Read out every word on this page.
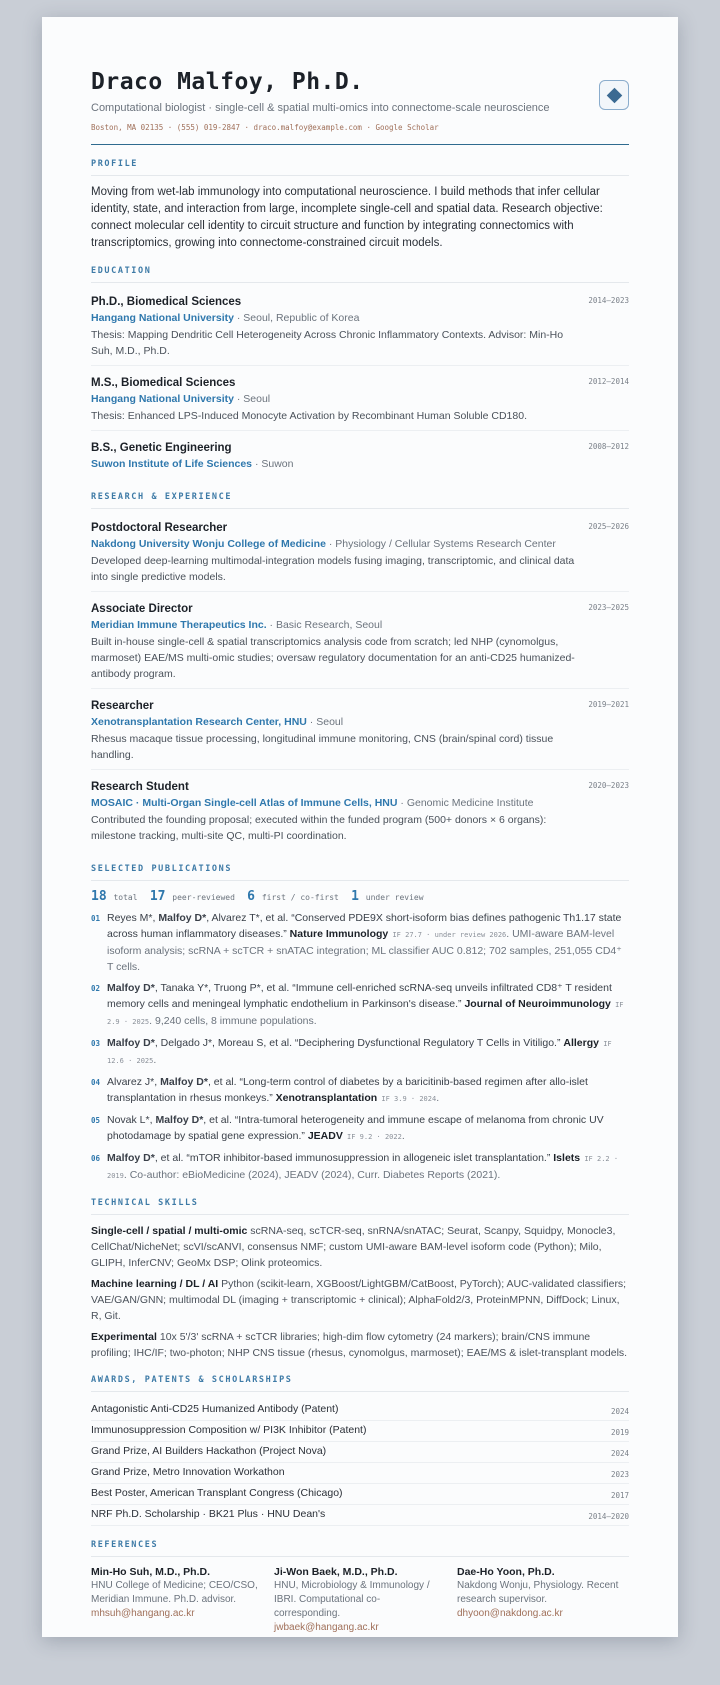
Draco Malfoy, Ph.D.
Computational biologist · single-cell & spatial multi-omics into connectome-scale neuroscience
Boston, MA 02135 · (555) 019-2847 · draco.malfoy@example.com · Google Scholar
PROFILE
Moving from wet-lab immunology into computational neuroscience. I build methods that infer cellular identity, state, and interaction from large, incomplete single-cell and spatial data. Research objective: connect molecular cell identity to circuit structure and function by integrating connectomics with transcriptomics, growing into connectome-constrained circuit models.
EDUCATION
Ph.D., Biomedical Sciences	2014–2023
Hangang National University · Seoul, Republic of Korea
Thesis: Mapping Dendritic Cell Heterogeneity Across Chronic Inflammatory Contexts. Advisor: Min-Ho Suh, M.D., Ph.D.
M.S., Biomedical Sciences	2012–2014
Hangang National University · Seoul
Thesis: Enhanced LPS-Induced Monocyte Activation by Recombinant Human Soluble CD180.
B.S., Genetic Engineering	2008–2012
Suwon Institute of Life Sciences · Suwon
RESEARCH & EXPERIENCE
Postdoctoral Researcher	2025–2026
Nakdong University Wonju College of Medicine · Physiology / Cellular Systems Research Center
Developed deep-learning multimodal-integration models fusing imaging, transcriptomic, and clinical data into single predictive models.
Associate Director	2023–2025
Meridian Immune Therapeutics Inc. · Basic Research, Seoul
Built in-house single-cell & spatial transcriptomics analysis code from scratch; led NHP (cynomolgus, marmoset) EAE/MS multi-omic studies; oversaw regulatory documentation for an anti-CD25 humanized-antibody program.
Researcher	2019–2021
Xenotransplantation Research Center, HNU · Seoul
Rhesus macaque tissue processing, longitudinal immune monitoring, CNS (brain/spinal cord) tissue handling.
Research Student	2020–2023
MOSAIC · Multi-Organ Single-cell Atlas of Immune Cells, HNU · Genomic Medicine Institute
Contributed the founding proposal; executed within the funded program (500+ donors × 6 organs): milestone tracking, multi-site QC, multi-PI coordination.
SELECTED PUBLICATIONS
18 total 17 peer-reviewed 6 first / co-first 1 under review
01 Reyes M*, Malfoy D*, Alvarez T*, et al. “Conserved PDE9X short-isoform bias defines pathogenic Th1.17 state across human inflammatory diseases.” Nature Immunology IF 27.7 · under review 2026. UMI-aware BAM-level isoform analysis; scRNA + scTCR + snATAC integration; ML classifier AUC 0.812; 702 samples, 251,055 CD4⁺ T cells.
02 Malfoy D*, Tanaka Y*, Truong P*, et al. “Immune cell-enriched scRNA-seq unveils infiltrated CD8⁺ T resident memory cells and meningeal lymphatic endothelium in Parkinson's disease.” Journal of Neuroimmunology IF 2.9 · 2025. 9,240 cells, 8 immune populations.
03 Malfoy D*, Delgado J*, Moreau S, et al. “Deciphering Dysfunctional Regulatory T Cells in Vitiligo.” Allergy IF 12.6 · 2025.
04 Alvarez J*, Malfoy D*, et al. “Long-term control of diabetes by a baricitinib-based regimen after allo-islet transplantation in rhesus monkeys.” Xenotransplantation IF 3.9 · 2024.
05 Novak L*, Malfoy D*, et al. “Intra-tumoral heterogeneity and immune escape of melanoma from chronic UV photodamage by spatial gene expression.” JEADV IF 9.2 · 2022.
06 Malfoy D*, et al. “mTOR inhibitor-based immunosuppression in allogeneic islet transplantation.” Islets IF 2.2 · 2019. Co-author: eBioMedicine (2024), JEADV (2024), Curr. Diabetes Reports (2021).
TECHNICAL SKILLS
Single-cell / spatial / multi-omic scRNA-seq, scTCR-seq, snRNA/snATAC; Seurat, Scanpy, Squidpy, Monocle3, CellChat/NicheNet; scVI/scANVI, consensus NMF; custom UMI-aware BAM-level isoform code (Python); Milo, GLIPH, InferCNV; GeoMx DSP; Olink proteomics.
Machine learning / DL / AI Python (scikit-learn, XGBoost/LightGBM/CatBoost, PyTorch); AUC-validated classifiers; VAE/GAN/GNN; multimodal DL (imaging + transcriptomic + clinical); AlphaFold2/3, ProteinMPNN, DiffDock; Linux, R, Git.
Experimental 10x 5'/3' scRNA + scTCR libraries; high-dim flow cytometry (24 markers); brain/CNS immune profiling; IHC/IF; two-photon; NHP CNS tissue (rhesus, cynomolgus, marmoset); EAE/MS & islet-transplant models.
AWARDS, PATENTS & SCHOLARSHIPS
Antagonistic Anti-CD25 Humanized Antibody (Patent)	2024
Immunosuppression Composition w/ PI3K Inhibitor (Patent)	2019
Grand Prize, AI Builders Hackathon (Project Nova)	2024
Grand Prize, Metro Innovation Workathon	2023
Best Poster, American Transplant Congress (Chicago)	2017
NRF Ph.D. Scholarship · BK21 Plus · HNU Dean's	2014–2020
REFERENCES
Min-Ho Suh, M.D., Ph.D.
HNU College of Medicine; CEO/CSO, Meridian Immune. Ph.D. advisor.
mhsuh@hangang.ac.kr
Ji-Won Baek, M.D., Ph.D.
HNU, Microbiology & Immunology / IBRI. Computational co-corresponding.
jwbaek@hangang.ac.kr
Dae-Ho Yoon, Ph.D.
Nakdong Wonju, Physiology. Recent research supervisor.
dhyoon@nakdong.ac.kr
